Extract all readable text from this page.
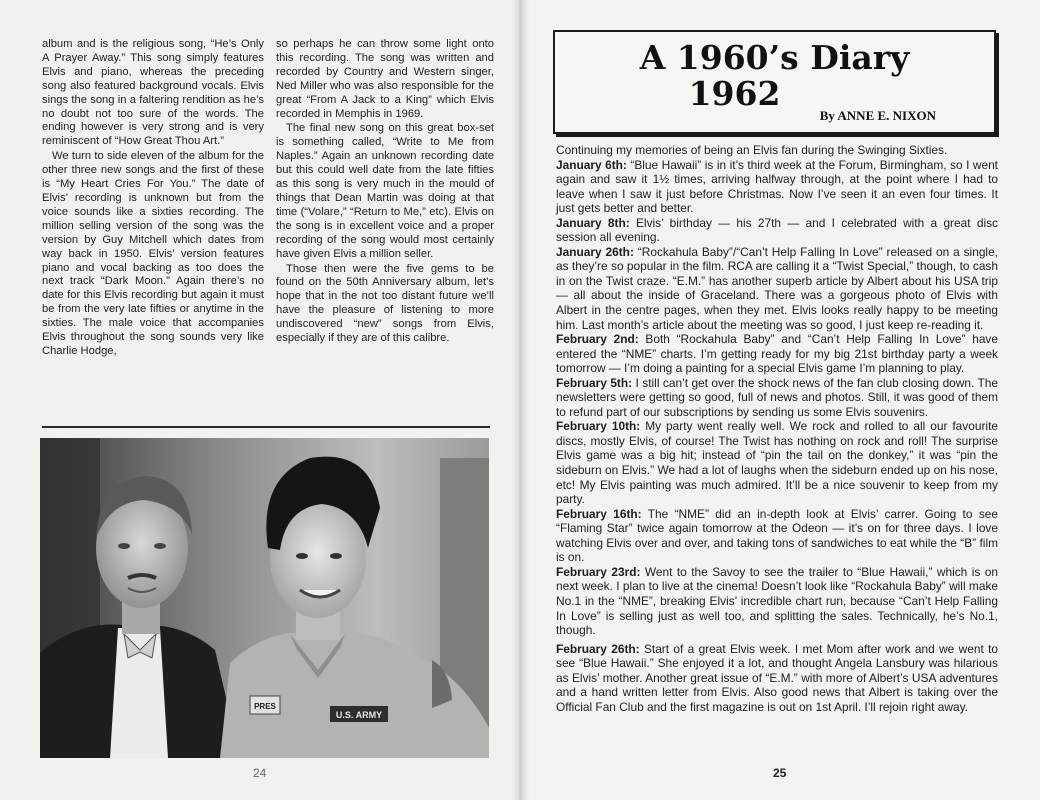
album and is the religious song, “He’s Only A Prayer Away.” This song simply features Elvis and piano, whereas the preceding song also featured background vocals. Elvis sings the song in a faltering rendition as he’s no doubt not too sure of the words. The ending however is very strong and is very reminiscent of “How Great Thou Art.”

We turn to side eleven of the album for the other three new songs and the first of these is “My Heart Cries For You.” The date of Elvis’ recording is unknown but from the voice sounds like a sixties recording. The million selling version of the song was the version by Guy Mitchell which dates from way back in 1950. Elvis’ version features piano and vocal backing as too does the next track “Dark Moon.” Again there’s no date for this Elvis recording but again it must be from the very late fifties or anytime in the sixties. The male voice that accompanies Elvis throughout the song sounds very like Charlie Hodge,

so perhaps he can throw some light onto this recording. The song was written and recorded by Country and Western singer, Ned Miller who was also responsible for the great “From A Jack to a King” which Elvis recorded in Memphis in 1969.

The final new song on this great box-set is something called, “Write to Me from Naples.” Again an unknown recording date but this could well date from the late fifties as this song is very much in the mould of things that Dean Martin was doing at that time (“Volare,” “Return to Me,” etc). Elvis on the song is in excellent voice and a proper recording of the song would most certainly have given Elvis a million seller.

Those then were the five gems to be found on the 50th Anniversary album, let’s hope that in the not too distant future we’ll have the pleasure of listening to more undiscovered “new” songs from Elvis, especially if they are of this calibre.

PRES
U.S. ARMY
24
A 1960’s Diary
1962
By ANNE E. NIXON

Continuing my memories of being an Elvis fan during the Swinging Sixties.

January 6th: “Blue Hawaii” is in it’s third week at the Forum, Birmingham, so I went again and saw it 1½ times, arriving halfway through, at the point where I had to leave when I saw it just before Christmas. Now I’ve seen it an even four times. It just gets better and better.

January 8th: Elvis’ birthday — his 27th — and I celebrated with a great disc session all evening.

January 26th: “Rockahula Baby”/“Can’t Help Falling In Love” released on a single, as they’re so popular in the film. RCA are calling it a “Twist Special,” though, to cash in on the Twist craze. “E.M.” has another superb article by Albert about his USA trip — all about the inside of Graceland. There was a gorgeous photo of Elvis with Albert in the centre pages, when they met. Elvis looks really happy to be meeting him. Last month’s article about the meeting was so good, I just keep re-reading it.

February 2nd: Both “Rockahula Baby” and “Can’t Help Falling In Love” have entered the “NME” charts. I’m getting ready for my big 21st birthday party a week tomorrow — I’m doing a painting for a special Elvis game I’m planning to play.

February 5th: I still can’t get over the shock news of the fan club closing down. The newsletters were getting so good, full of news and photos. Still, it was good of them to refund part of our subscriptions by sending us some Elvis souvenirs.

February 10th: My party went really well. We rock and rolled to all our favourite discs, mostly Elvis, of course! The Twist has nothing on rock and roll! The surprise Elvis game was a big hit; instead of “pin the tail on the donkey,” it was “pin the sideburn on Elvis.” We had a lot of laughs when the sideburn ended up on his nose, etc! My Elvis painting was much admired. It’ll be a nice souvenir to keep from my party.

February 16th: The “NME” did an in-depth look at Elvis’ carrer. Going to see “Flaming Star” twice again tomorrow at the Odeon — it’s on for three days. I love watching Elvis over and over, and taking tons of sandwiches to eat while the “B” film is on.

February 23rd: Went to the Savoy to see the trailer to “Blue Hawaii,” which is on next week. I plan to live at the cinema! Doesn’t look like “Rockahula Baby” will make No.1 in the “NME”, breaking Elvis’ incredible chart run, because “Can’t Help Falling In Love” is selling just as well too, and splitting the sales. Technically, he’s No.1, though.

February 26th: Start of a great Elvis week. I met Mom after work and we went to see “Blue Hawaii.” She enjoyed it a lot, and thought Angela Lansbury was hilarious as Elvis’ mother. Another great issue of “E.M.” with more of Albert’s USA adventures and a hand written letter from Elvis. Also good news that Albert is taking over the Official Fan Club and the first magazine is out on 1st April. I’ll rejoin right away.

25
